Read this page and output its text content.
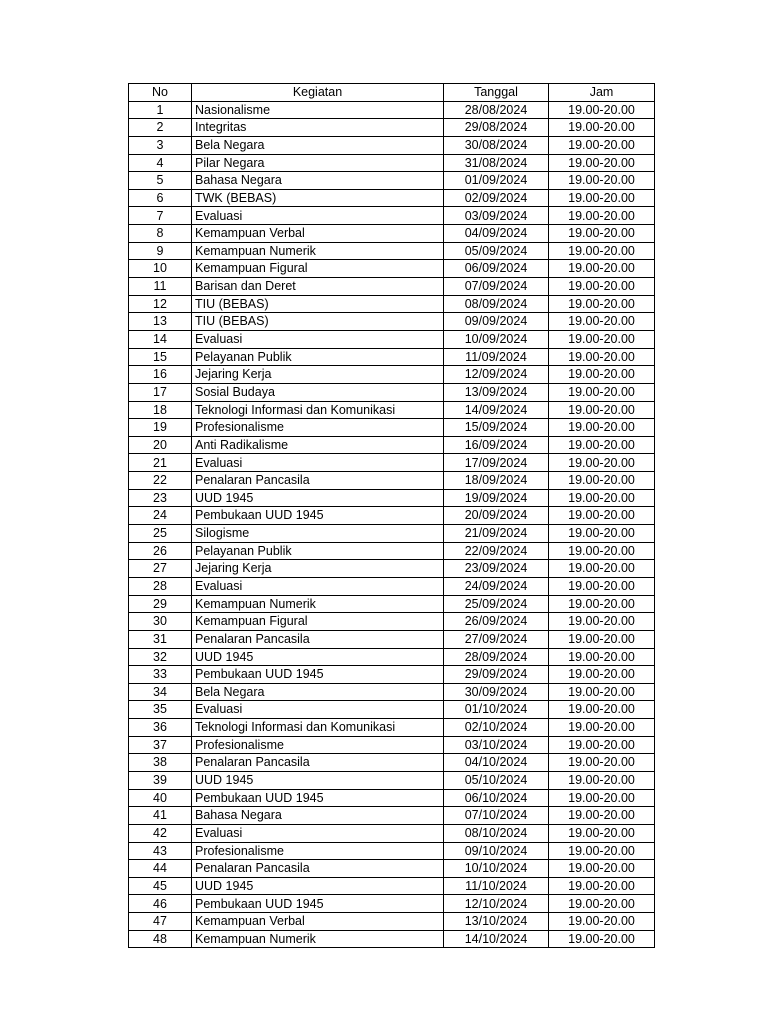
No	Kegiatan	Tanggal	Jam
1	Nasionalisme	28/08/2024	19.00-20.00
2	Integritas	29/08/2024	19.00-20.00
3	Bela Negara	30/08/2024	19.00-20.00
4	Pilar Negara	31/08/2024	19.00-20.00
5	Bahasa Negara	01/09/2024	19.00-20.00
6	TWK (BEBAS)	02/09/2024	19.00-20.00
7	Evaluasi	03/09/2024	19.00-20.00
8	Kemampuan Verbal	04/09/2024	19.00-20.00
9	Kemampuan Numerik	05/09/2024	19.00-20.00
10	Kemampuan Figural	06/09/2024	19.00-20.00
11	Barisan dan Deret	07/09/2024	19.00-20.00
12	TIU (BEBAS)	08/09/2024	19.00-20.00
13	TIU (BEBAS)	09/09/2024	19.00-20.00
14	Evaluasi	10/09/2024	19.00-20.00
15	Pelayanan Publik	11/09/2024	19.00-20.00
16	Jejaring Kerja	12/09/2024	19.00-20.00
17	Sosial Budaya	13/09/2024	19.00-20.00
18	Teknologi Informasi dan Komunikasi	14/09/2024	19.00-20.00
19	Profesionalisme	15/09/2024	19.00-20.00
20	Anti Radikalisme	16/09/2024	19.00-20.00
21	Evaluasi	17/09/2024	19.00-20.00
22	Penalaran Pancasila	18/09/2024	19.00-20.00
23	UUD 1945	19/09/2024	19.00-20.00
24	Pembukaan UUD 1945	20/09/2024	19.00-20.00
25	Silogisme	21/09/2024	19.00-20.00
26	Pelayanan Publik	22/09/2024	19.00-20.00
27	Jejaring Kerja	23/09/2024	19.00-20.00
28	Evaluasi	24/09/2024	19.00-20.00
29	Kemampuan Numerik	25/09/2024	19.00-20.00
30	Kemampuan Figural	26/09/2024	19.00-20.00
31	Penalaran Pancasila	27/09/2024	19.00-20.00
32	UUD 1945	28/09/2024	19.00-20.00
33	Pembukaan UUD 1945	29/09/2024	19.00-20.00
34	Bela Negara	30/09/2024	19.00-20.00
35	Evaluasi	01/10/2024	19.00-20.00
36	Teknologi Informasi dan Komunikasi	02/10/2024	19.00-20.00
37	Profesionalisme	03/10/2024	19.00-20.00
38	Penalaran Pancasila	04/10/2024	19.00-20.00
39	UUD 1945	05/10/2024	19.00-20.00
40	Pembukaan UUD 1945	06/10/2024	19.00-20.00
41	Bahasa Negara	07/10/2024	19.00-20.00
42	Evaluasi	08/10/2024	19.00-20.00
43	Profesionalisme	09/10/2024	19.00-20.00
44	Penalaran Pancasila	10/10/2024	19.00-20.00
45	UUD 1945	11/10/2024	19.00-20.00
46	Pembukaan UUD 1945	12/10/2024	19.00-20.00
47	Kemampuan Verbal	13/10/2024	19.00-20.00
48	Kemampuan Numerik	14/10/2024	19.00-20.00
